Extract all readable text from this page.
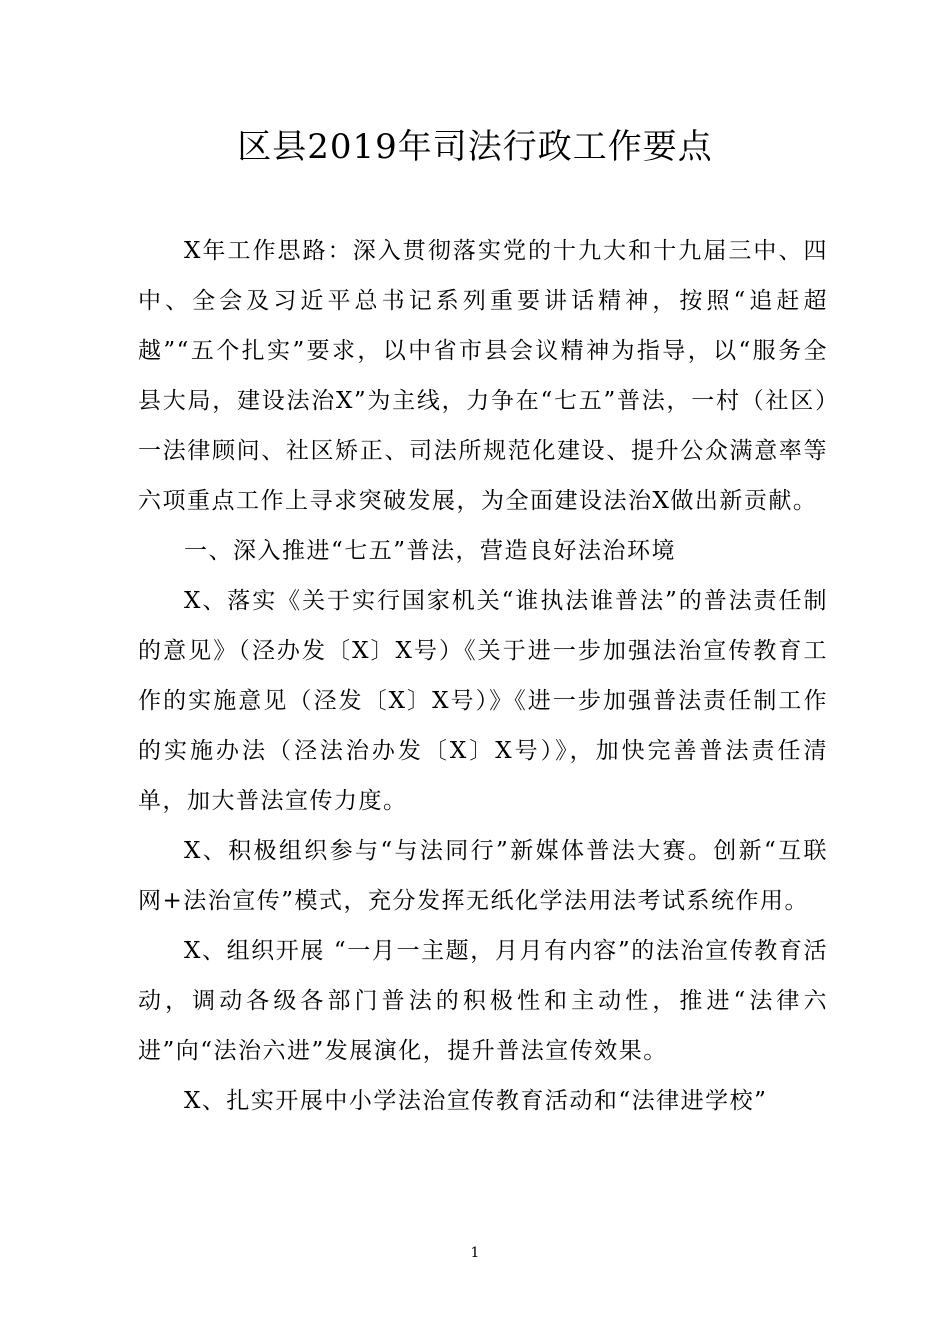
区县2019年司法行政工作要点

X年工作思路：深入贯彻落实党的十九大和十九届三中、四中、全会及习近平总书记系列重要讲话精神，按照“追赶超越”“五个扎实”要求，以中省市县会议精神为指导，以“服务全县大局，建设法治X”为主线，力争在“七五”普法，一村（社区）一法律顾问、社区矫正、司法所规范化建设、提升公众满意率等六项重点工作上寻求突破发展，为全面建设法治X做出新贡献。

一、深入推进“七五”普法，营造良好法治环境

X、落实《关于实行国家机关“谁执法谁普法”的普法责任制的意见》（泾办发〔X〕X号）《关于进一步加强法治宣传教育工作的实施意见（泾发〔X〕X号）》《进一步加强普法责任制工作的实施办法（泾法治办发〔X〕X号）》，加快完善普法责任清单，加大普法宣传力度。

X、积极组织参与“与法同行”新媒体普法大赛。创新“互联网+法治宣传”模式，充分发挥无纸化学法用法考试系统作用。

X、组织开展 “一月一主题，月月有内容”的法治宣传教育活动，调动各级各部门普法的积极性和主动性，推进“法律六进”向“法治六进”发展演化，提升普法宣传效果。

X、扎实开展中小学法治宣传教育活动和“法律进学校”

1
